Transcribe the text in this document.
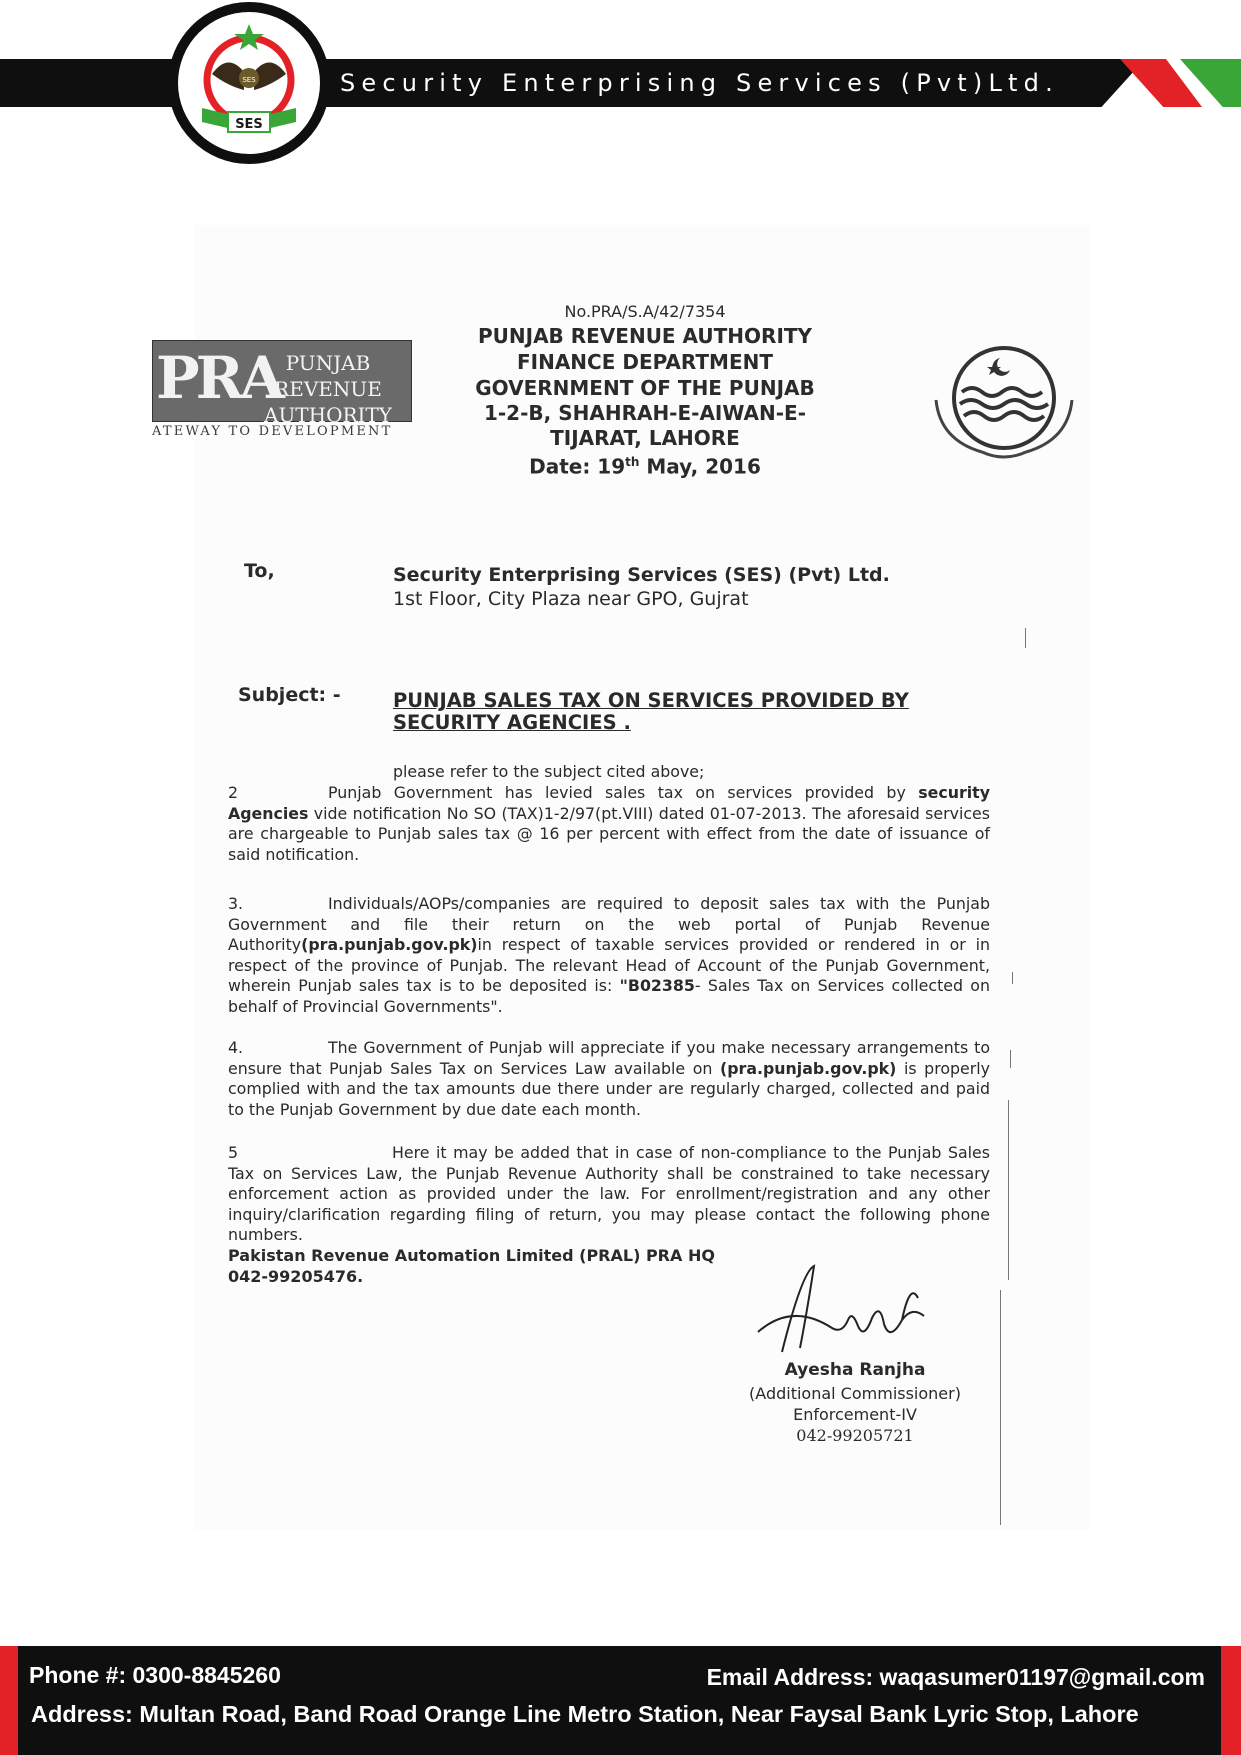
Security Enterprising Services (Pvt)Ltd.
SES
SES
PRA PUNJAB REVENUE AUTHORITY
ATEWAY TO DEVELOPMENT
No.PRA/S.A/42/7354
PUNJAB REVENUE AUTHORITY
FINANCE DEPARTMENT
GOVERNMENT OF THE PUNJAB
1-2-B, SHAHRAH-E-AIWAN-E-
TIJARAT, LAHORE
Date: 19th May, 2016
To,	Security Enterprising Services (SES) (Pvt) Ltd.
1st Floor, City Plaza near GPO, Gujrat
Subject: -	PUNJAB SALES TAX ON SERVICES PROVIDED BY SECURITY AGENCIES .
please refer to the subject cited above;
2	Punjab Government has levied sales tax on services provided by security Agencies vide notification No SO (TAX)1-2/97(pt.VIII) dated 01-07-2013. The aforesaid services are chargeable to Punjab sales tax @ 16 per percent with effect from the date of issuance of said notification.
3.	Individuals/AOPs/companies are required to deposit sales tax with the Punjab Government and file their return on the web portal of Punjab Revenue Authority(pra.punjab.gov.pk)in respect of taxable services provided or rendered in or in respect of the province of Punjab. The relevant Head of Account of the Punjab Government, wherein Punjab sales tax is to be deposited is: "B02385- Sales Tax on Services collected on behalf of Provincial Governments".
4.	The Government of Punjab will appreciate if you make necessary arrangements to ensure that Punjab Sales Tax on Services Law available on (pra.punjab.gov.pk) is properly complied with and the tax amounts due there under are regularly charged, collected and paid to the Punjab Government by due date each month.
5	Here it may be added that in case of non-compliance to the Punjab Sales Tax on Services Law, the Punjab Revenue Authority shall be constrained to take necessary enforcement action as provided under the law. For enrollment/registration and any other inquiry/clarification regarding filing of return, you may please contact the following phone numbers.
Pakistan Revenue Automation Limited (PRAL) PRA HQ
042-99205476.
Ayesha Ranjha
(Additional Commissioner)
Enforcement-IV
042-99205721
Phone #: 0300-8845260	Email Address: waqasumer01197@gmail.com
Address: Multan Road, Band Road Orange Line Metro Station, Near Faysal Bank Lyric Stop, Lahore
